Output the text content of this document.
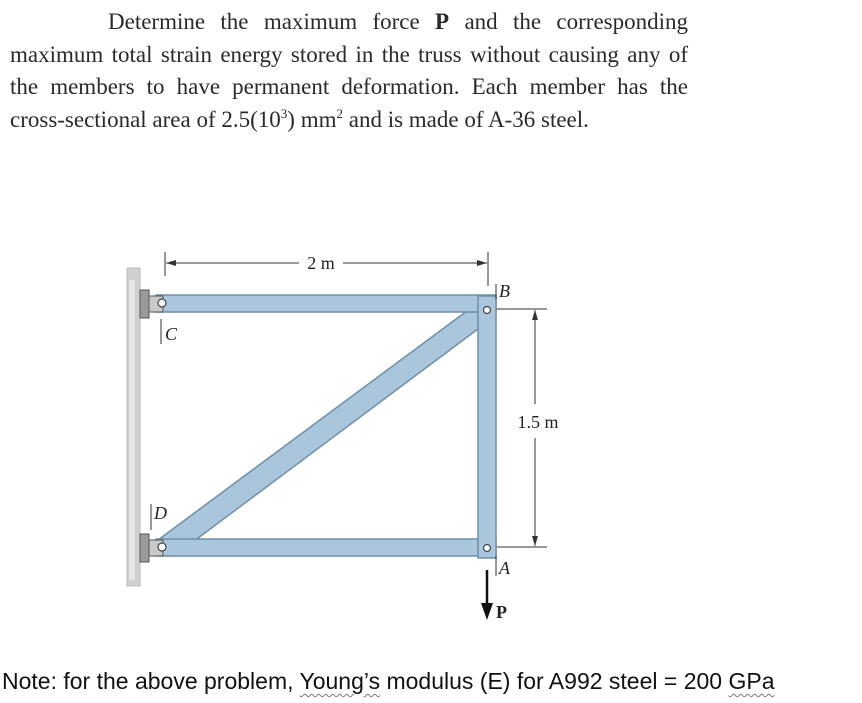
Determine the maximum force P and the corresponding maximum total strain energy stored in the truss without causing any of the members to have permanent deformation. Each member has the cross-sectional area of $2.5(10^3)$ $mm^2$ and is made of A-36 steel.

2 m
1.5 m
B
C
D
A
P
Note: for the above problem, Young’s modulus (E) for A992 steel = 200 GPa
